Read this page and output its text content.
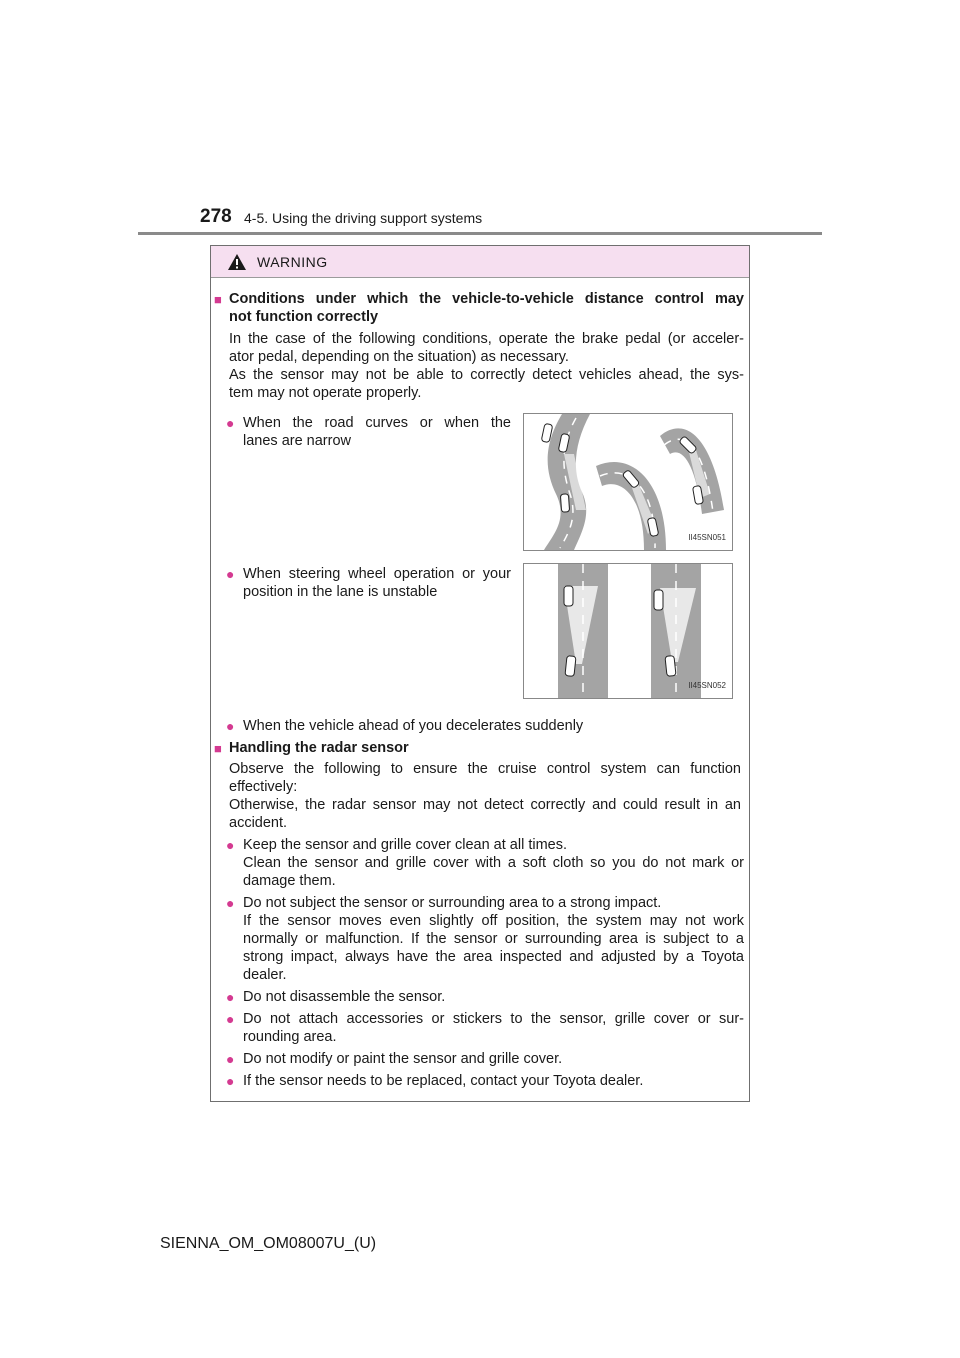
278 4-5. Using the driving support systems
WARNING
■ Conditions under which the vehicle-to-vehicle distance control may
not function correctly
In the case of the following conditions, operate the brake pedal (or acceler-
ator pedal, depending on the situation) as necessary.
As the sensor may not be able to correctly detect vehicles ahead, the sys-
tem may not operate properly.
● When the road curves or when the
lanes are narrow
II45SN051
● When steering wheel operation or your
position in the lane is unstable
II45SN052
● When the vehicle ahead of you decelerates suddenly
■ Handling the radar sensor
Observe the following to ensure the cruise control system can function
effectively:
Otherwise, the radar sensor may not detect correctly and could result in an
accident.
● Keep the sensor and grille cover clean at all times.
Clean the sensor and grille cover with a soft cloth so you do not mark or
damage them.
● Do not subject the sensor or surrounding area to a strong impact.
If the sensor moves even slightly off position, the system may not work
normally or malfunction. If the sensor or surrounding area is subject to a
strong impact, always have the area inspected and adjusted by a Toyota
dealer.
● Do not disassemble the sensor.
● Do not attach accessories or stickers to the sensor, grille cover or sur-
rounding area.
● Do not modify or paint the sensor and grille cover.
● If the sensor needs to be replaced, contact your Toyota dealer.
SIENNA_OM_OM08007U_(U)
